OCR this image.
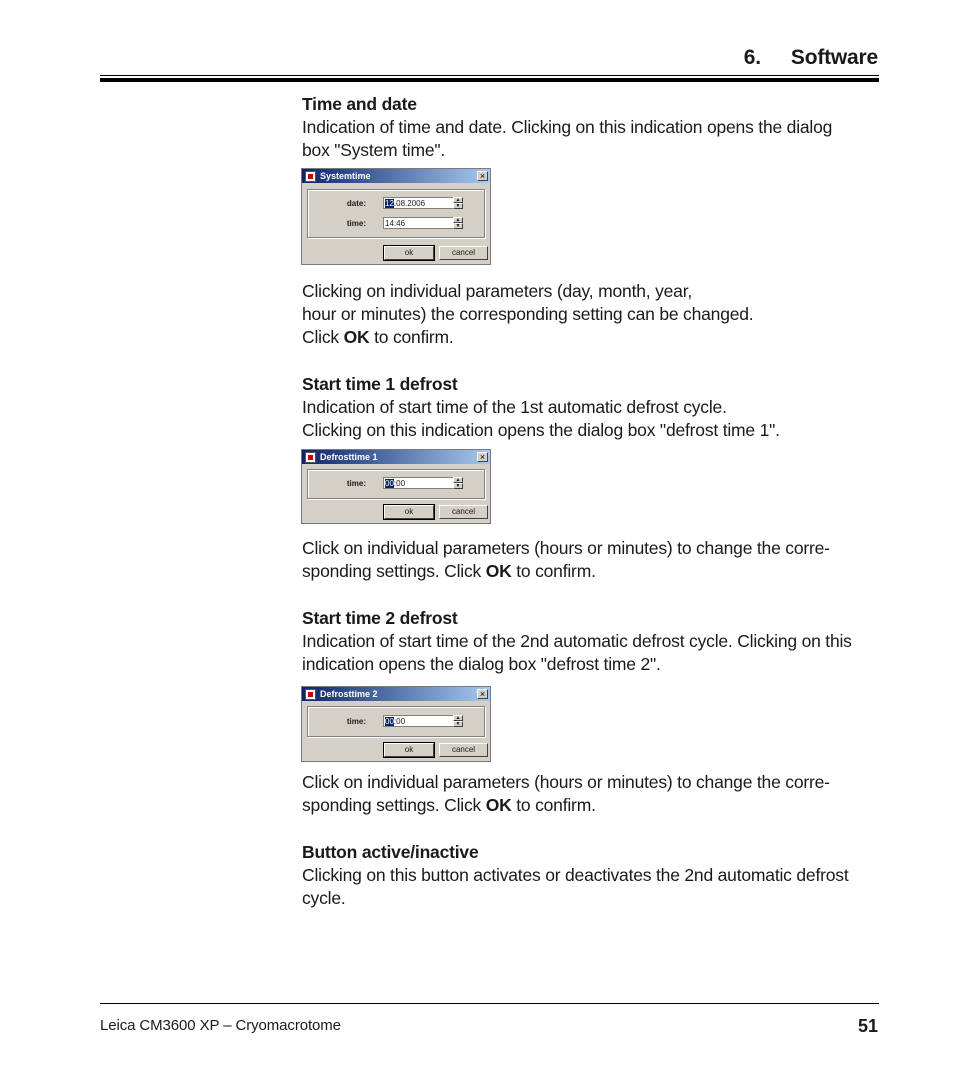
6. Software

Time and date

Indication of time and date. Clicking on this indication opens the dialog

box "System time".

Systemtime	×
date: 12.08.2006	▲
▼
time: 14:46	▲
▼
ok	cancel

Clicking on individual parameters (day, month, year,

hour or minutes) the corresponding setting can be changed.

Click OK to confirm.

Start time 1 defrost

Indication of start time of the 1st automatic defrost cycle.

Clicking on this indication opens the dialog box "defrost time 1".

Defrosttime 1	×
time: 00:00	▲
▼
ok	cancel

Click on individual parameters (hours or minutes) to change the corre-

sponding settings. Click OK to confirm.

Start time 2 defrost

Indication of start time of the 2nd automatic defrost cycle. Clicking on this

indication opens the dialog box "defrost time 2".

Defrosttime 2	×
time: 00:00	▲
▼
ok	cancel

Click on individual parameters (hours or minutes) to change the corre-

sponding settings. Click OK to confirm.

Button active/inactive

Clicking on this button activates or deactivates the 2nd automatic defrost

cycle.

Leica CM3600 XP – Cryomacrotome	51
